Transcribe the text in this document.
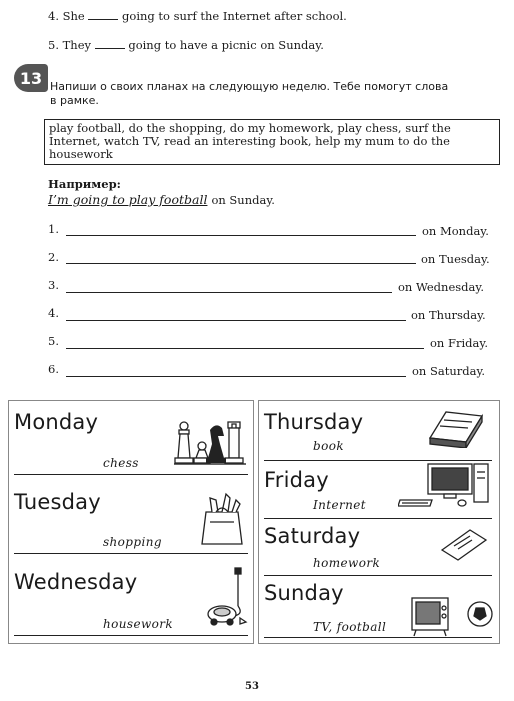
4. She	going to surf the Internet after school.
5. They	going to have a picnic on Sunday.
13 Напиши о своих планах на следующую неделю. Тебе помогут слова
в рамке.
play football, do the shopping, do my homework, play chess, surf the Internet, watch TV, read an interesting book, help my mum to do the housework
Например:
I’m going to play football on Sunday.
1.	on Monday.
2.	on Tuesday.
3.	on Wednesday.
4.	on Thursday.
5.	on Friday.
6.	on Saturday.
Monday
chess
Tuesday
shopping
Wednesday
housework
Thursday
book
Friday
Internet
Saturday
homework
Sunday
TV, football
53
